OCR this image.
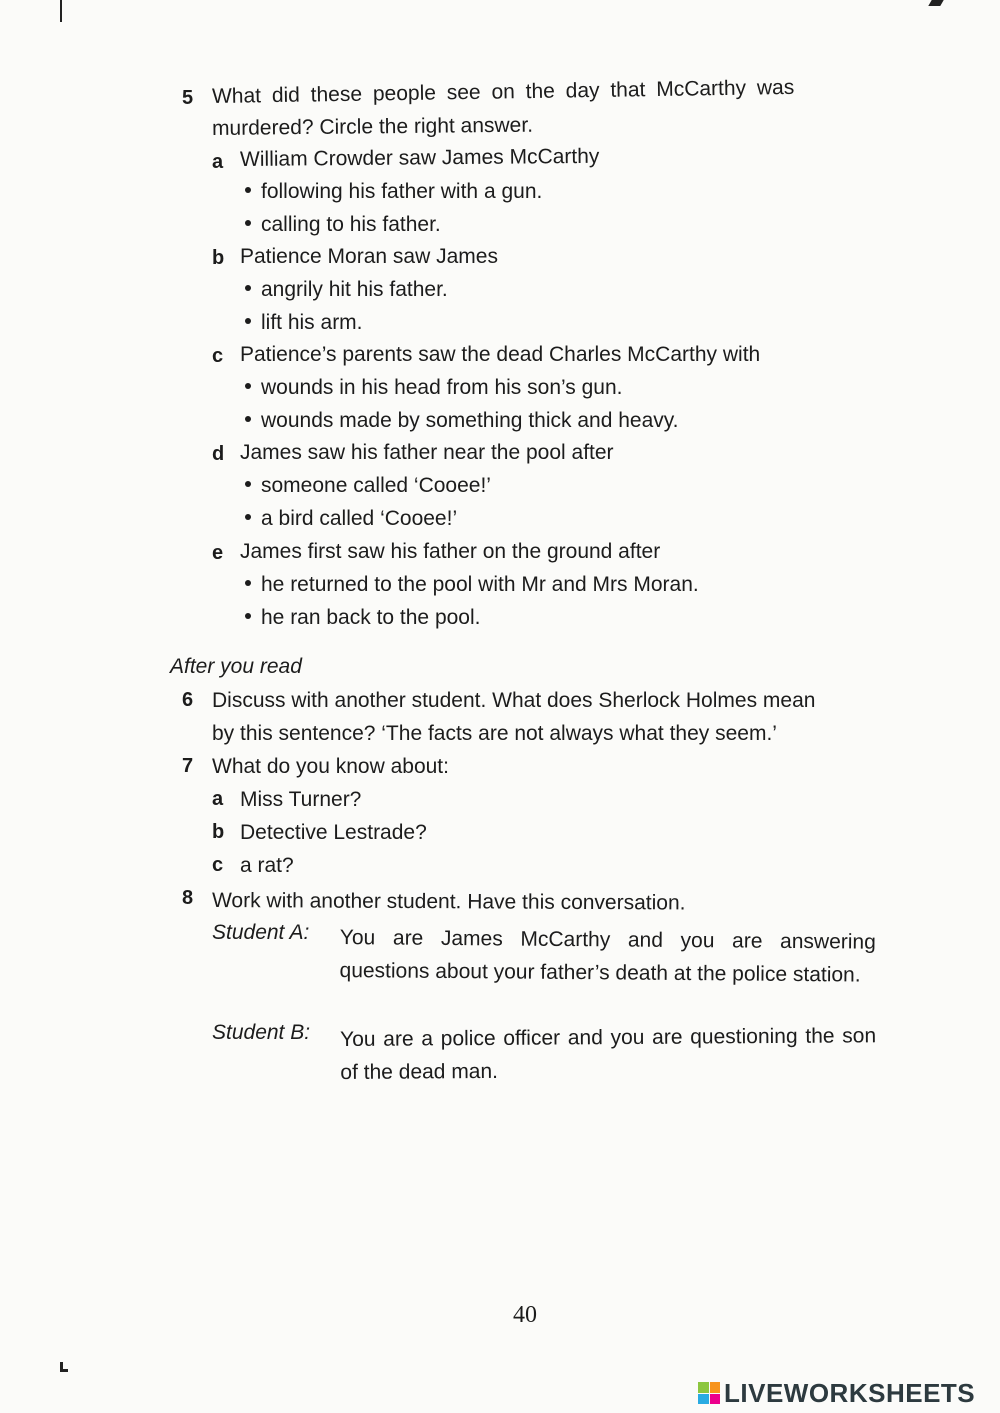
5 What did these people see on the day that McCarthy was
murdered? Circle the right answer.
a William Crowder saw James McCarthy
following his father with a gun.
calling to his father.
b Patience Moran saw James
angrily hit his father.
lift his arm.
c Patience’s parents saw the dead Charles McCarthy with
wounds in his head from his son’s gun.
wounds made by something thick and heavy.
d James saw his father near the pool after
someone called ‘Cooee!’
a bird called ‘Cooee!’
e James first saw his father on the ground after
he returned to the pool with Mr and Mrs Moran.
he ran back to the pool.
After you read
6 Discuss with another student. What does Sherlock Holmes mean
by this sentence? ‘The facts are not always what they seem.’
7 What do you know about:
a Miss Turner?
b Detective Lestrade?
c a rat?
8 Work with another student. Have this conversation.
Student A: You are James McCarthy and you are answering questions about your father’s death at the police station.
Student B: You are a police officer and you are questioning the son of the dead man.
40
LIVEWORKSHEETS
